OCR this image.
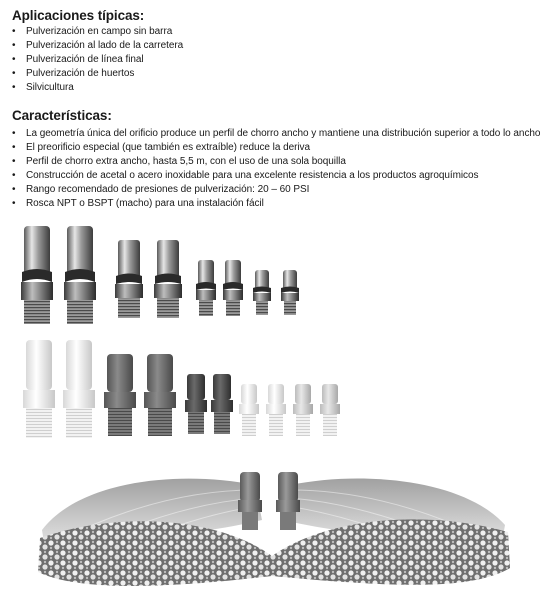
Aplicaciones típicas:
• Pulverización en campo sin barra
• Pulverización al lado de la carretera
• Pulverización de línea final
• Pulverización de huertos
• Silvicultura
Características:
• La geometría única del orificio produce un perfil de chorro ancho y mantiene una distribución superior a todo lo ancho
• El preorificio especial (que también es extraíble) reduce la deriva
• Perfil de chorro extra ancho, hasta 5,5 m, con el uso de una sola boquilla
• Construcción de acetal o acero inoxidable para una excelente resistencia a los productos agroquímicos
• Rango recomendado de presiones de pulverización: 20 ‒ 60 PSI
• Rosca NPT o BSPT (macho) para una instalación fácil
